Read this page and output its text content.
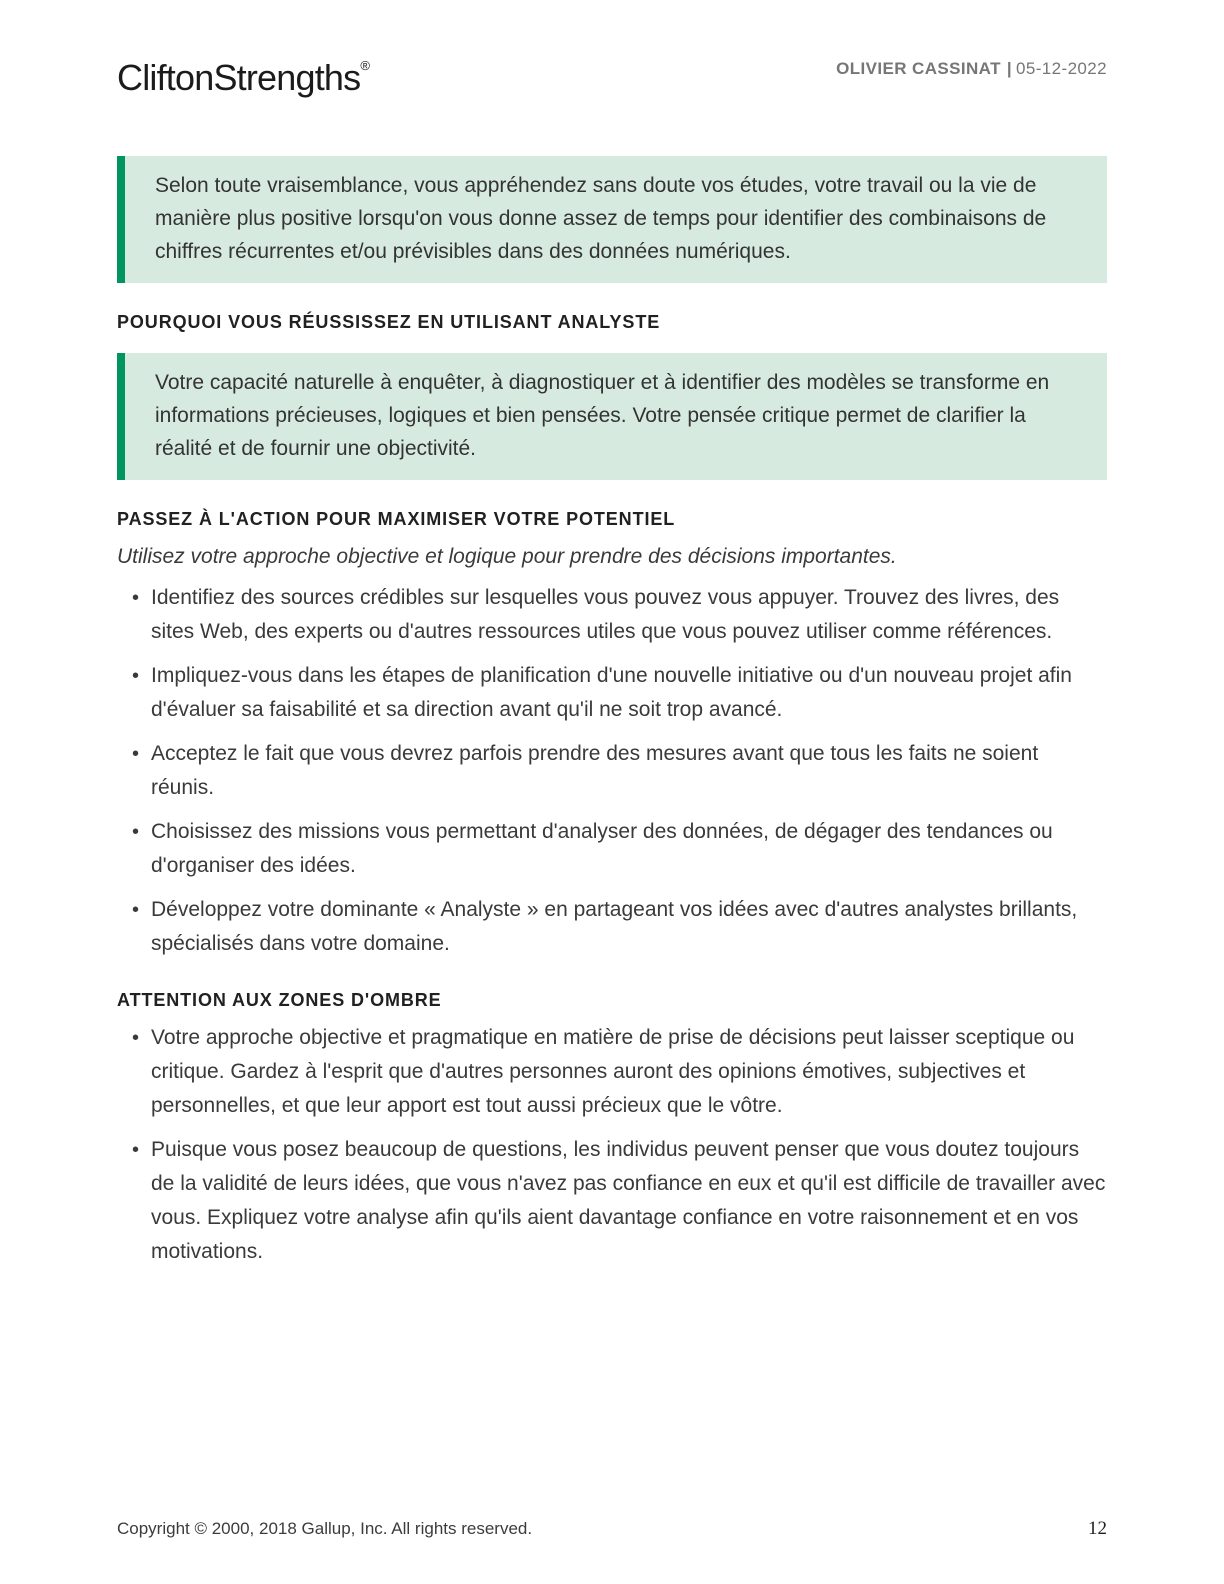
CliftonStrengths®	OLIVIER CASSINAT | 05-12-2022

Selon toute vraisemblance, vous appréhendez sans doute vos études, votre travail ou la vie de manière plus positive lorsqu'on vous donne assez de temps pour identifier des combinaisons de chiffres récurrentes et/ou prévisibles dans des données numériques.

POURQUOI VOUS RÉUSSISSEZ EN UTILISANT ANALYSTE

Votre capacité naturelle à enquêter, à diagnostiquer et à identifier des modèles se transforme en informations précieuses, logiques et bien pensées. Votre pensée critique permet de clarifier la réalité et de fournir une objectivité.

PASSEZ À L'ACTION POUR MAXIMISER VOTRE POTENTIEL

Utilisez votre approche objective et logique pour prendre des décisions importantes.

• Identifiez des sources crédibles sur lesquelles vous pouvez vous appuyer. Trouvez des livres, des sites Web, des experts ou d'autres ressources utiles que vous pouvez utiliser comme références.
• Impliquez-vous dans les étapes de planification d'une nouvelle initiative ou d'un nouveau projet afin d'évaluer sa faisabilité et sa direction avant qu'il ne soit trop avancé.
• Acceptez le fait que vous devrez parfois prendre des mesures avant que tous les faits ne soient réunis.
• Choisissez des missions vous permettant d'analyser des données, de dégager des tendances ou d'organiser des idées.
• Développez votre dominante « Analyste » en partageant vos idées avec d'autres analystes brillants, spécialisés dans votre domaine.
ATTENTION AUX ZONES D'OMBRE
• Votre approche objective et pragmatique en matière de prise de décisions peut laisser sceptique ou critique. Gardez à l'esprit que d'autres personnes auront des opinions émotives, subjectives et personnelles, et que leur apport est tout aussi précieux que le vôtre.
• Puisque vous posez beaucoup de questions, les individus peuvent penser que vous doutez toujours de la validité de leurs idées, que vous n'avez pas confiance en eux et qu'il est difficile de travailler avec vous. Expliquez votre analyse afin qu'ils aient davantage confiance en votre raisonnement et en vos motivations.
Copyright © 2000, 2018 Gallup, Inc. All rights reserved.	12
